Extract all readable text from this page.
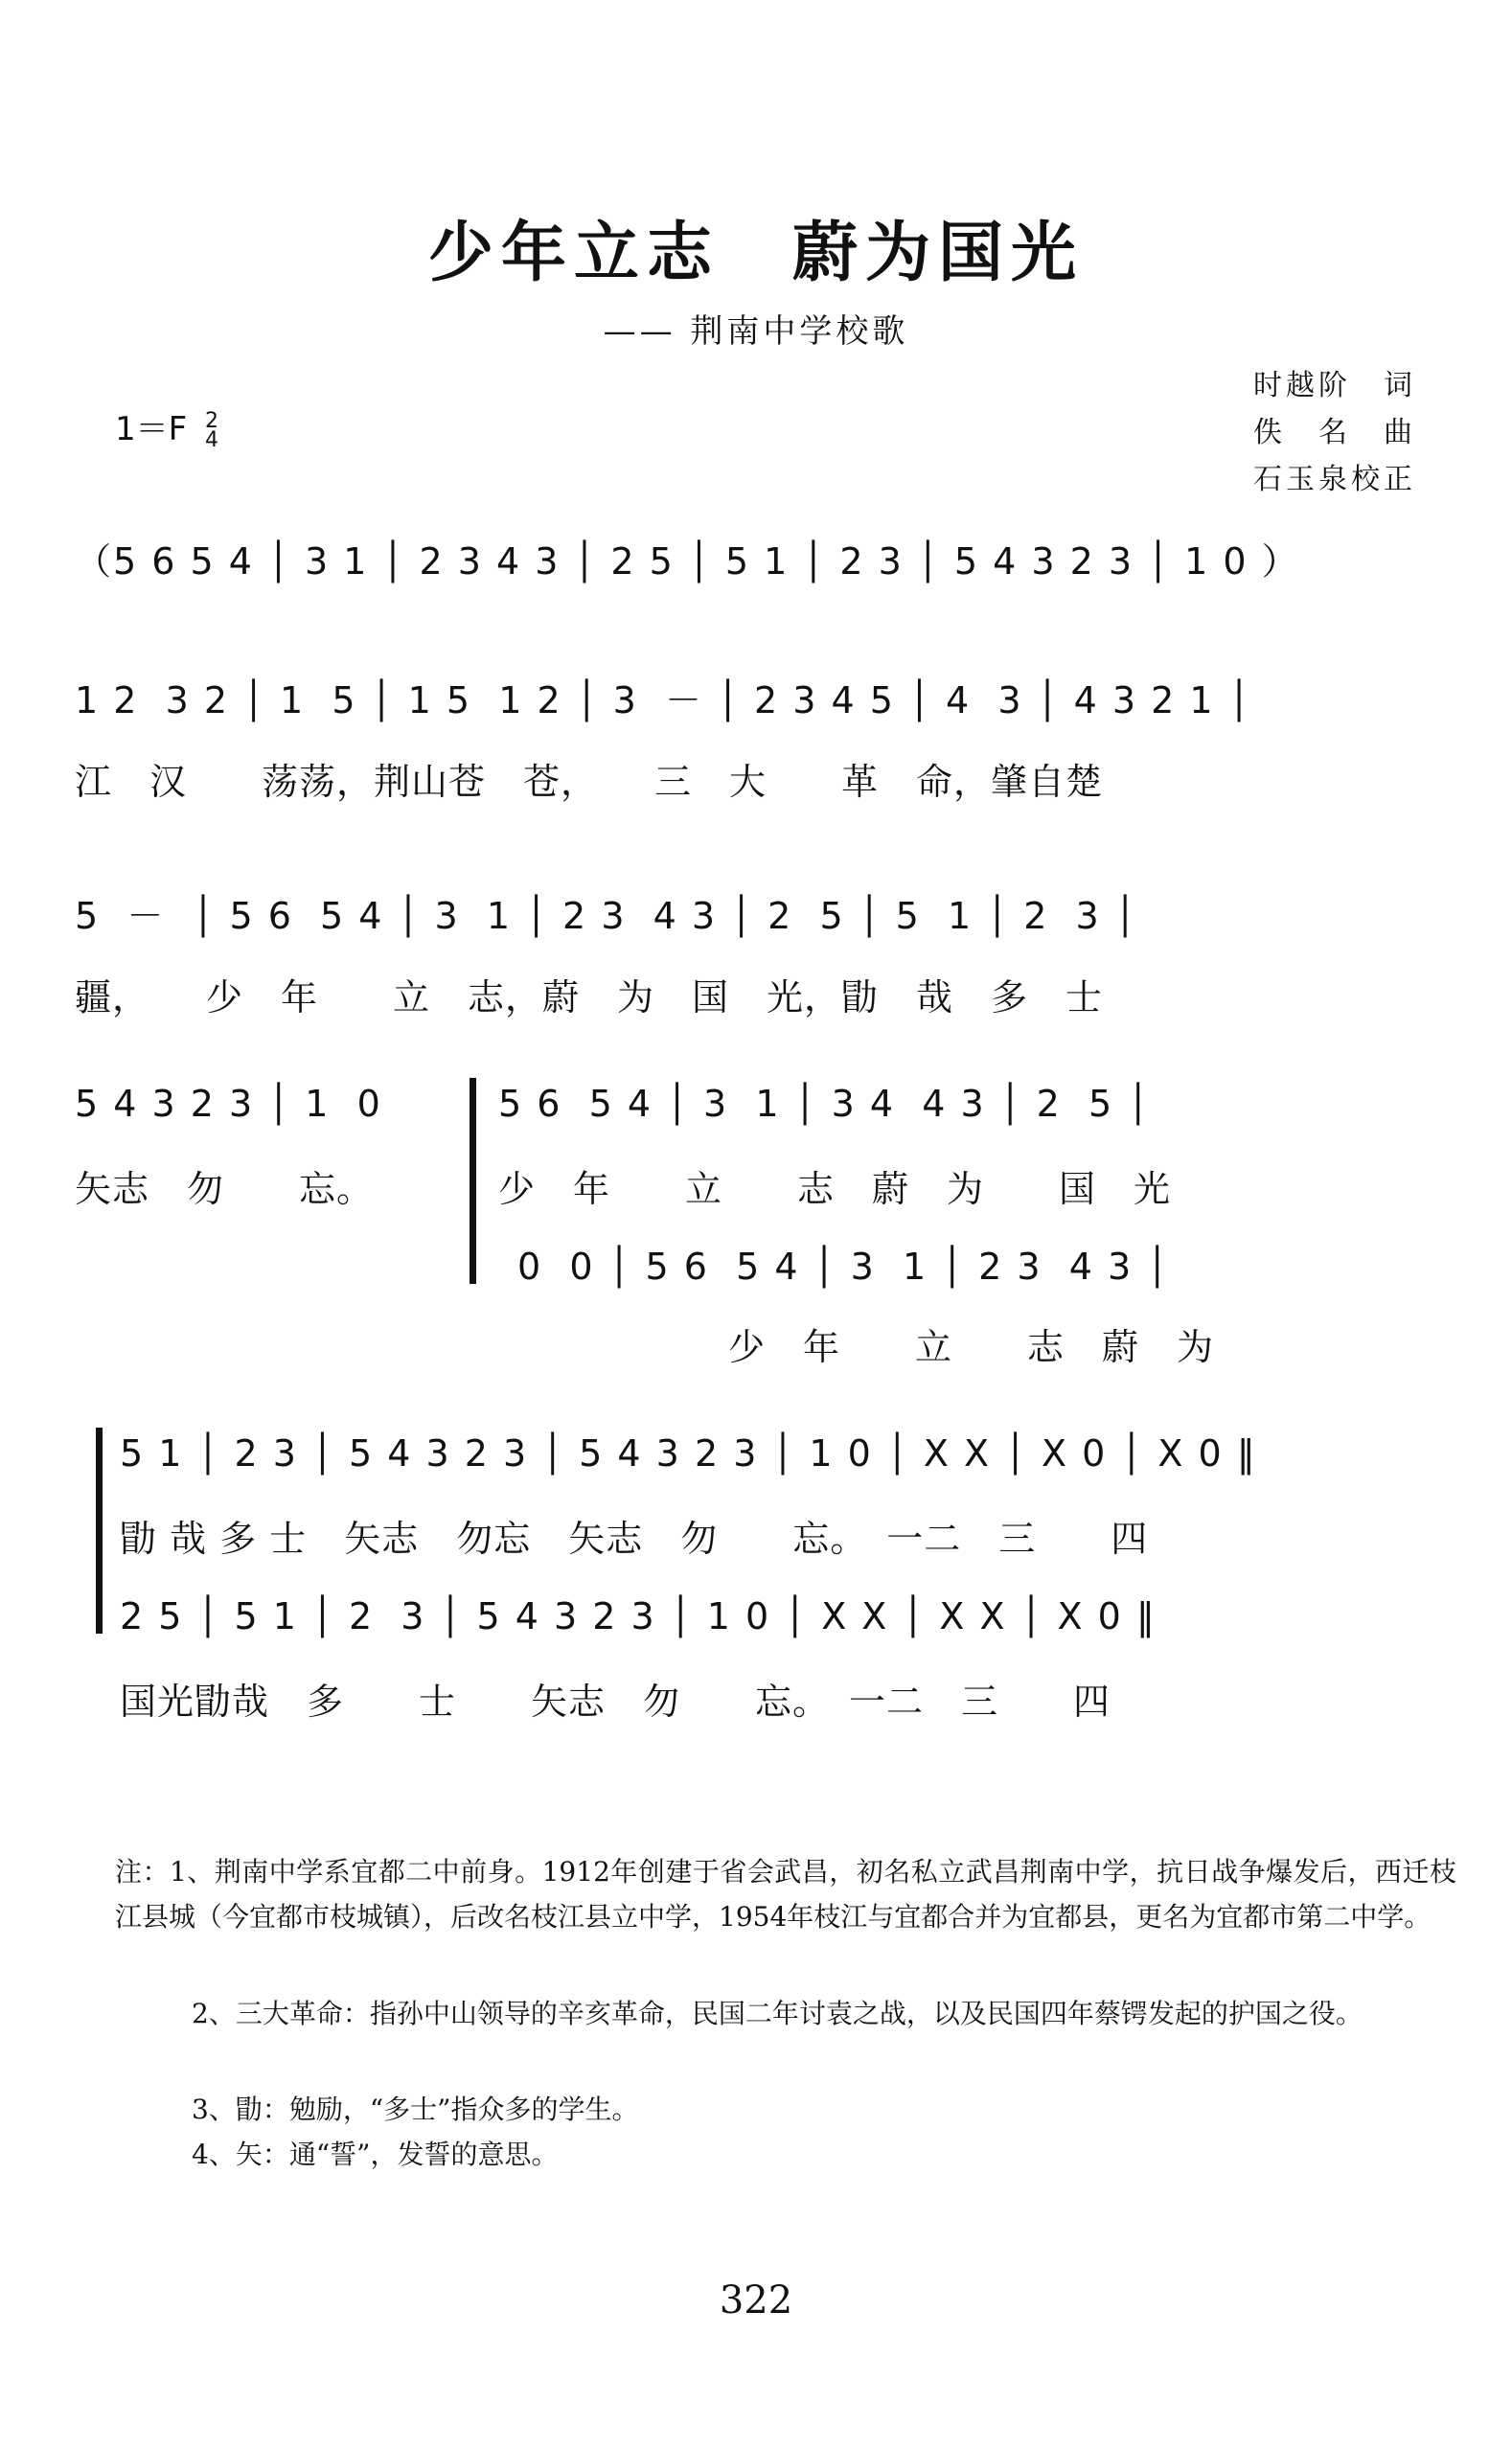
少年立志　蔚为国光
—— 荆南中学校歌
时越阶　词
佚　名　曲
石玉泉校正
1＝F 2
4
（5 6 5 4 │ 3 1 │ 2 3 4 3 │ 2 5 │ 5 1 │ 2 3 │ 5 4 3 2 3 │ 1 0 ）
1 2  3 2 │ 1  5 │ 1 5  1 2 │ 3  － │ 2 3 4 5 │ 4  3 │ 4 3 2 1 │
江　汉　　荡荡，荆山苍　苍，　　三　大　　革　命，肇自楚
5  －  │ 5 6  5 4 │ 3  1 │ 2 3  4 3 │ 2  5 │ 5  1 │ 2  3 │
疆，　　少　年　　立　志，蔚　为　国　光，勖　哉　多　士
5 4 3 2 3 │ 1  0
矢志　勿　　忘。
5 6  5 4 │ 3  1 │ 3 4  4 3 │ 2  5 │
少　年　　立　　志　蔚　为　　国　光
0  0 │ 5 6  5 4 │ 3  1 │ 2 3  4 3 │
少　年　　立　　志　蔚　为
5 1 │ 2 3 │ 5 4 3 2 3 │ 5 4 3 2 3 │ 1 0 │ X X │ X 0 │ X 0 ‖
勖 哉 多 士　矢志　勿忘　矢志　勿　　忘。　一二　三　　四
2 5 │ 5 1 │ 2  3 │ 5 4 3 2 3 │ 1 0 │ X X │ X X │ X 0 ‖
国光勖哉　多　　士　　矢志　勿　　忘。　一二　三　　四
注：1、荆南中学系宜都二中前身。1912年创建于省会武昌，初名私立武昌荆南中学，抗日战争爆发后，西迁枝江县城（今宜都市枝城镇），后改名枝江县立中学，1954年枝江与宜都合并为宜都县，更名为宜都市第二中学。
2、三大革命：指孙中山领导的辛亥革命，民国二年讨袁之战，以及民国四年蔡锷发起的护国之役。
3、勖：勉励，“多士”指众多的学生。
4、矢：通“誓”，发誓的意思。
322
